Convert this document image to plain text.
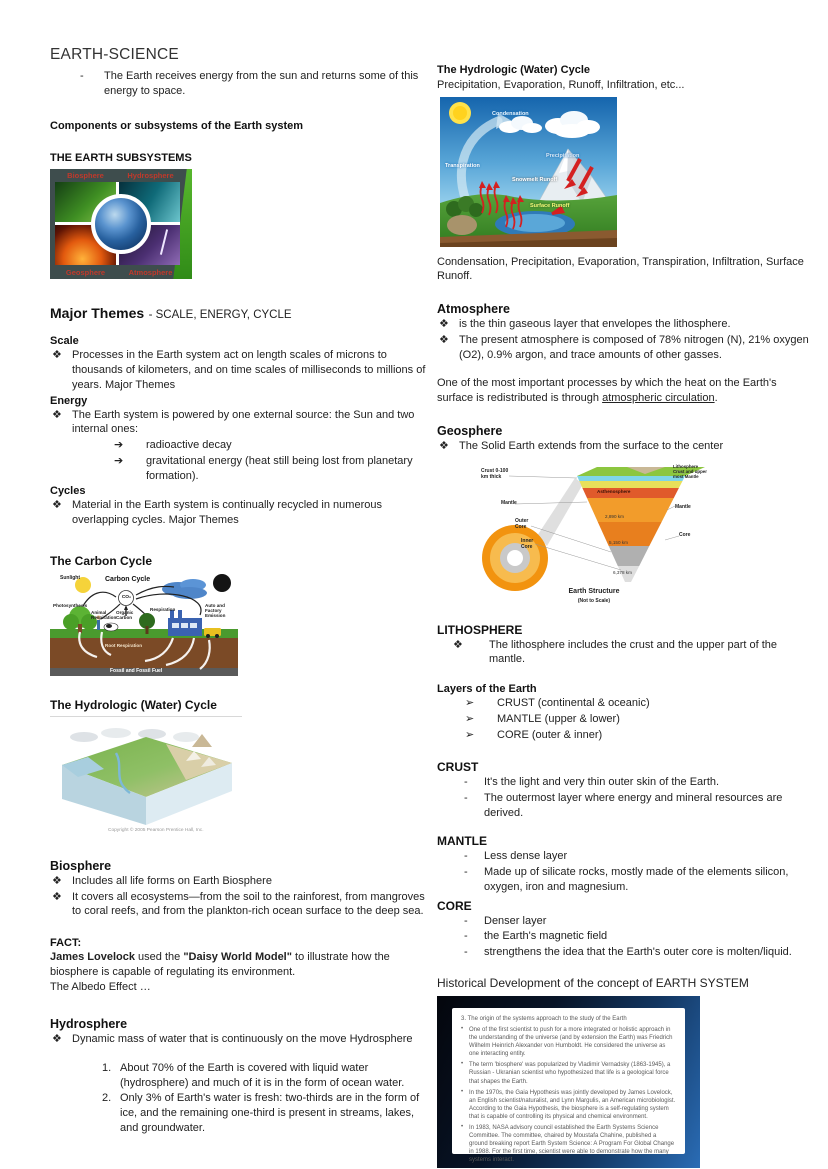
EARTH-SCIENCE
-	The Earth receives energy from the sun and returns some of this energy to space.

Components or subsystems of the Earth system

THE EARTH SUBSYSTEMS

Biosphere	Hydrosphere
Geosphere	Atmosphere

Major Themes - SCALE, ENERGY, CYCLE

Scale

❖ Processes in the Earth system act on length scales of microns to thousands of kilometers, and on time scales of milliseconds to millions of years. Major Themes

Energy

❖ The Earth system is powered by one external source: the Sun and two internal ones:
➔	radioactive decay
➔	gravitational energy (heat still being lost from planetary formation).

Cycles

❖ Material in the Earth system is continually recycled in numerous overlapping cycles. Major Themes

The Carbon Cycle

Sunlight	Carbon Cycle
CO₂
Photosynthesis
Animal Respiration
Organic Carbon
Respiration
Auto and Factory Emission
Root Respiration
Fossil and Fossil Fuel

The Hydrologic (Water) Cycle

Copyright © 2005 Pearson Prentice Hall, Inc.

Biosphere

❖ Includes all life forms on Earth Biosphere
❖ It covers all ecosystems—from the soil to the rainforest, from mangroves to coral reefs, and from the plankton-rich ocean surface to the deep sea.

FACT:

James Lovelock used the "Daisy World Model" to illustrate how the biosphere is capable of regulating its environment.

The Albedo Effect …

Hydrosphere

❖ Dynamic mass of water that is continuously on the move Hydrosphere
1. About 70% of the Earth is covered with liquid water (hydrosphere) and much of it is in the form of ocean water.
2. Only 3% of Earth's water is fresh: two-thirds are in the form of ice, and the remaining one-third is present in streams, lakes, and groundwater.

The Hydrologic (Water) Cycle

Precipitation, Evaporation, Runoff, Infiltration, etc...

Condensation
Precipitation
Transpiration
Snowmelt Runoff
Surface Runoff

Condensation, Precipitation, Evaporation, Transpiration, Infiltration, Surface Runoff.

Atmosphere

❖ is the thin gaseous layer that envelopes the lithosphere.
❖ The present atmosphere is composed of 78% nitrogen (N), 21% oxygen (O2), 0.9% argon, and trace amounts of other gasses.

One of the most important processes by which the heat on the Earth's surface is redistributed is through atmospheric circulation.

Geosphere

❖ The Solid Earth extends from the surface to the center
Crust 0-100 km thick
Mantle
Outer Core
Inner Core
Asthenosphere
Lithosphere Crust and upper most Mantle
Mantle
Core
2,890 km
5,150 km
6,378 km
Earth Structure
(Not to Scale)

LITHOSPHERE

❖	The lithosphere includes the crust and the upper part of the mantle.

Layers of the Earth

➢	CRUST (continental & oceanic)
➢	MANTLE (upper & lower)
➢	CORE (outer & inner)

CRUST

-	It's the light and very thin outer skin of the Earth.
-	The outermost layer where energy and mineral resources are derived.

MANTLE

-	Less dense layer
-	Made up of silicate rocks, mostly made of the elements silicon, oxygen, iron and magnesium.

CORE

-	Denser layer
-	the Earth's magnetic field
-	strengthens the idea that the Earth's outer core is molten/liquid.

Historical Development of the concept of EARTH SYSTEM

3. The origin of the systems approach to the study of the Earth
• One of the first scientist to push for a more integrated or holistic approach in the understanding of the universe (and by extension the Earth) was Friedrich Wilhelm Heinrich Alexander von Humboldt. He considered the universe as one interacting entity.
• The term 'biosphere' was popularized by Vladimir Vernadsky (1863-1945), a Russian - Ukranian scientist who hypothesized that life is a geological force that shapes the Earth.
• In the 1970s, the Gaia Hypothesis was jointly developed by James Lovelock, an English scientist/naturalist, and Lynn Margulis, an American microbiologist. According to the Gaia Hypothesis, the biosphere is a self-regulating system that is capable of controlling its physical and chemical environment.
• In 1983, NASA advisory council established the Earth Systems Science Committee. The committee, chaired by Moustafa Chahine, published a ground breaking report Earth System Science: A Program For Global Change in 1988. For the first time, scientist were able to demonstrate how the many systems interact.
